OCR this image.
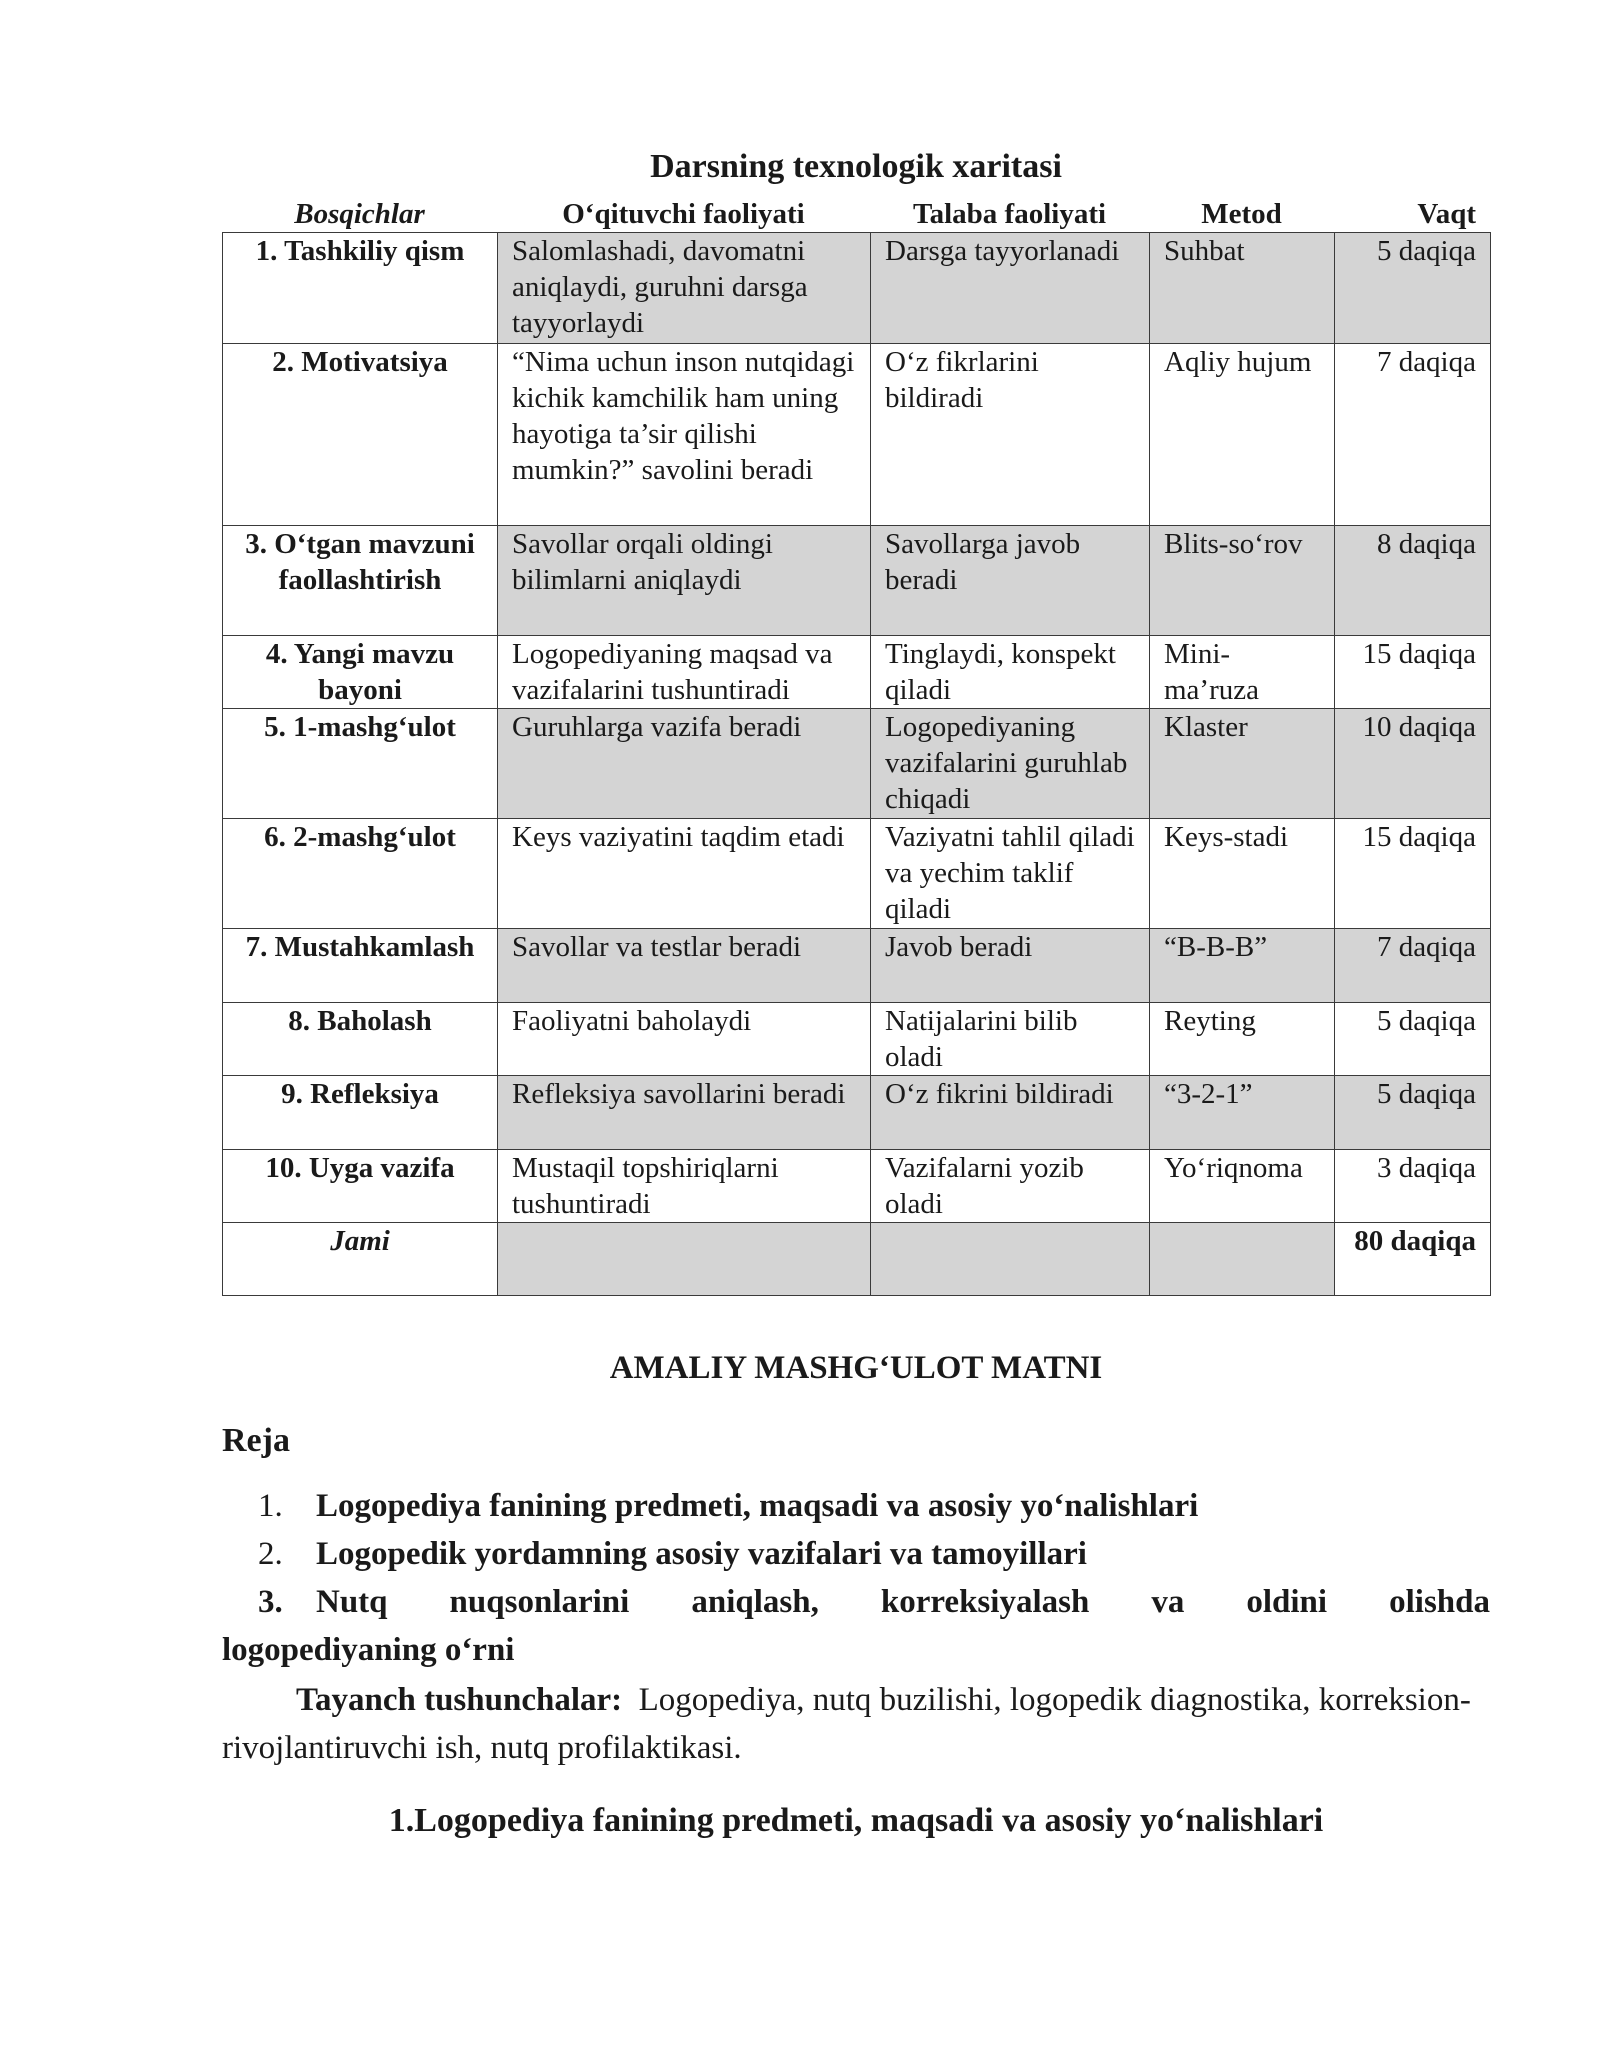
Darsning texnologik xaritasi
Bosqichlar	O‘qituvchi faoliyati	Talaba faoliyati	Metod	Vaqt
1. Tashkiliy qism	Salomlashadi, davomatni aniqlaydi, guruhni darsga tayyorlaydi	Darsga tayyorlanadi	Suhbat	5 daqiqa
2. Motivatsiya	“Nima uchun inson nutqidagi kichik kamchilik ham uning hayotiga ta’sir qilishi mumkin?” savolini beradi	O‘z fikrlarini bildiradi	Aqliy hujum	7 daqiqa
3. O‘tgan mavzuni faollashtirish	Savollar orqali oldingi bilimlarni aniqlaydi	Savollarga javob beradi	Blits-so‘rov	8 daqiqa
4. Yangi mavzu bayoni	Logopediyaning maqsad va vazifalarini tushuntiradi	Tinglaydi, konspekt qiladi	Mini-ma’ruza	15 daqiqa
5. 1-mashg‘ulot	Guruhlarga vazifa beradi	Logopediyaning vazifalarini guruhlab chiqadi	Klaster	10 daqiqa
6. 2-mashg‘ulot	Keys vaziyatini taqdim etadi	Vaziyatni tahlil qiladi va yechim taklif qiladi	Keys-stadi	15 daqiqa
7. Mustahkamlash	Savollar va testlar beradi	Javob beradi	“B-B-B”	7 daqiqa
8. Baholash	Faoliyatni baholaydi	Natijalarini bilib oladi	Reyting	5 daqiqa
9. Refleksiya	Refleksiya savollarini beradi	O‘z fikrini bildiradi	“3-2-1”	5 daqiqa
10. Uyga vazifa	Mustaqil topshiriqlarni tushuntiradi	Vazifalarni yozib oladi	Yo‘riqnoma	3 daqiqa
Jami				80 daqiqa
AMALIY MASHG‘ULOT MATNI
Reja
1. Logopediya fanining predmeti, maqsadi va asosiy yo‘nalishlari
2. Logopedik yordamning asosiy vazifalari va tamoyillari
3. Nutq nuqsonlarini aniqlash, korreksiyalash va oldini olishda
logopediyaning o‘rni
Tayanch tushunchalar: Logopediya, nutq buzilishi, logopedik diagnostika, korreksion-rivojlantiruvchi ish, nutq profilaktikasi.
1.Logopediya fanining predmeti, maqsadi va asosiy yo‘nalishlari
